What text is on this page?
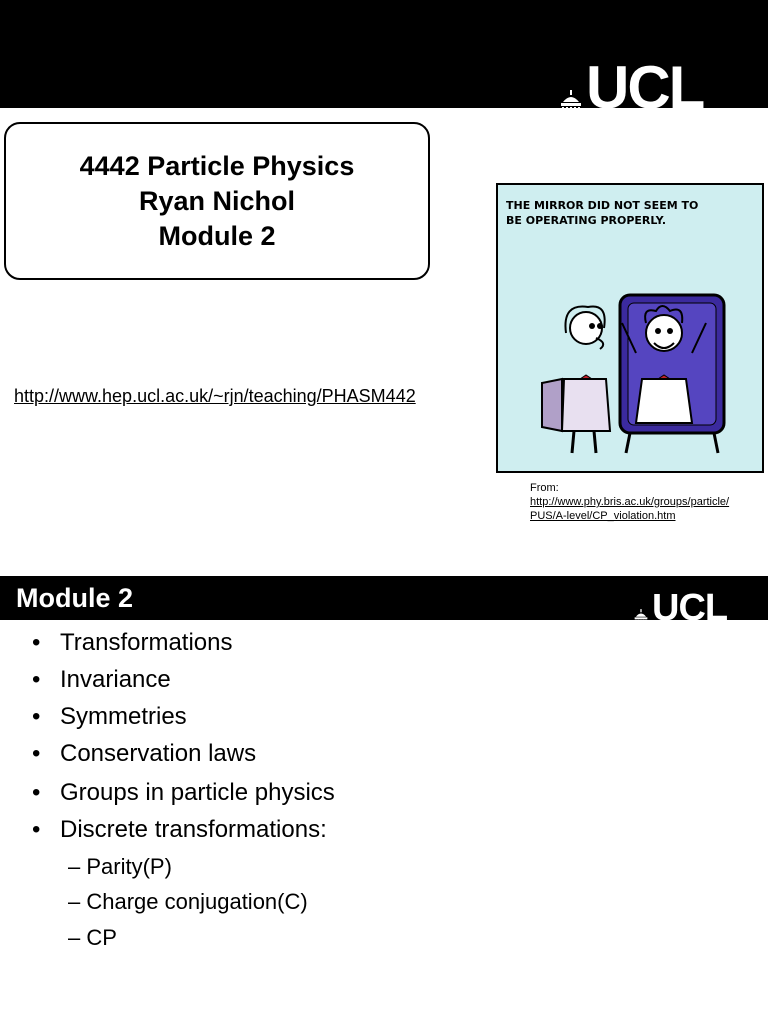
UCL
4442 Particle Physics
Ryan Nichol
Module 2
http://www.hep.ucl.ac.uk/~rjn/teaching/PHASM442
THE MIRROR DID NOT SEEM TO
BE OPERATING PROPERLY.
From:
http://www.phy.bris.ac.uk/groups/particle/
PUS/A-level/CP_violation.htm
Module 2
• Transformations
• Invariance
• Symmetries
• Conservation laws
• Groups in particle physics
• Discrete transformations:
– Parity(P)
– Charge conjugation(C)
– CP
UCL
